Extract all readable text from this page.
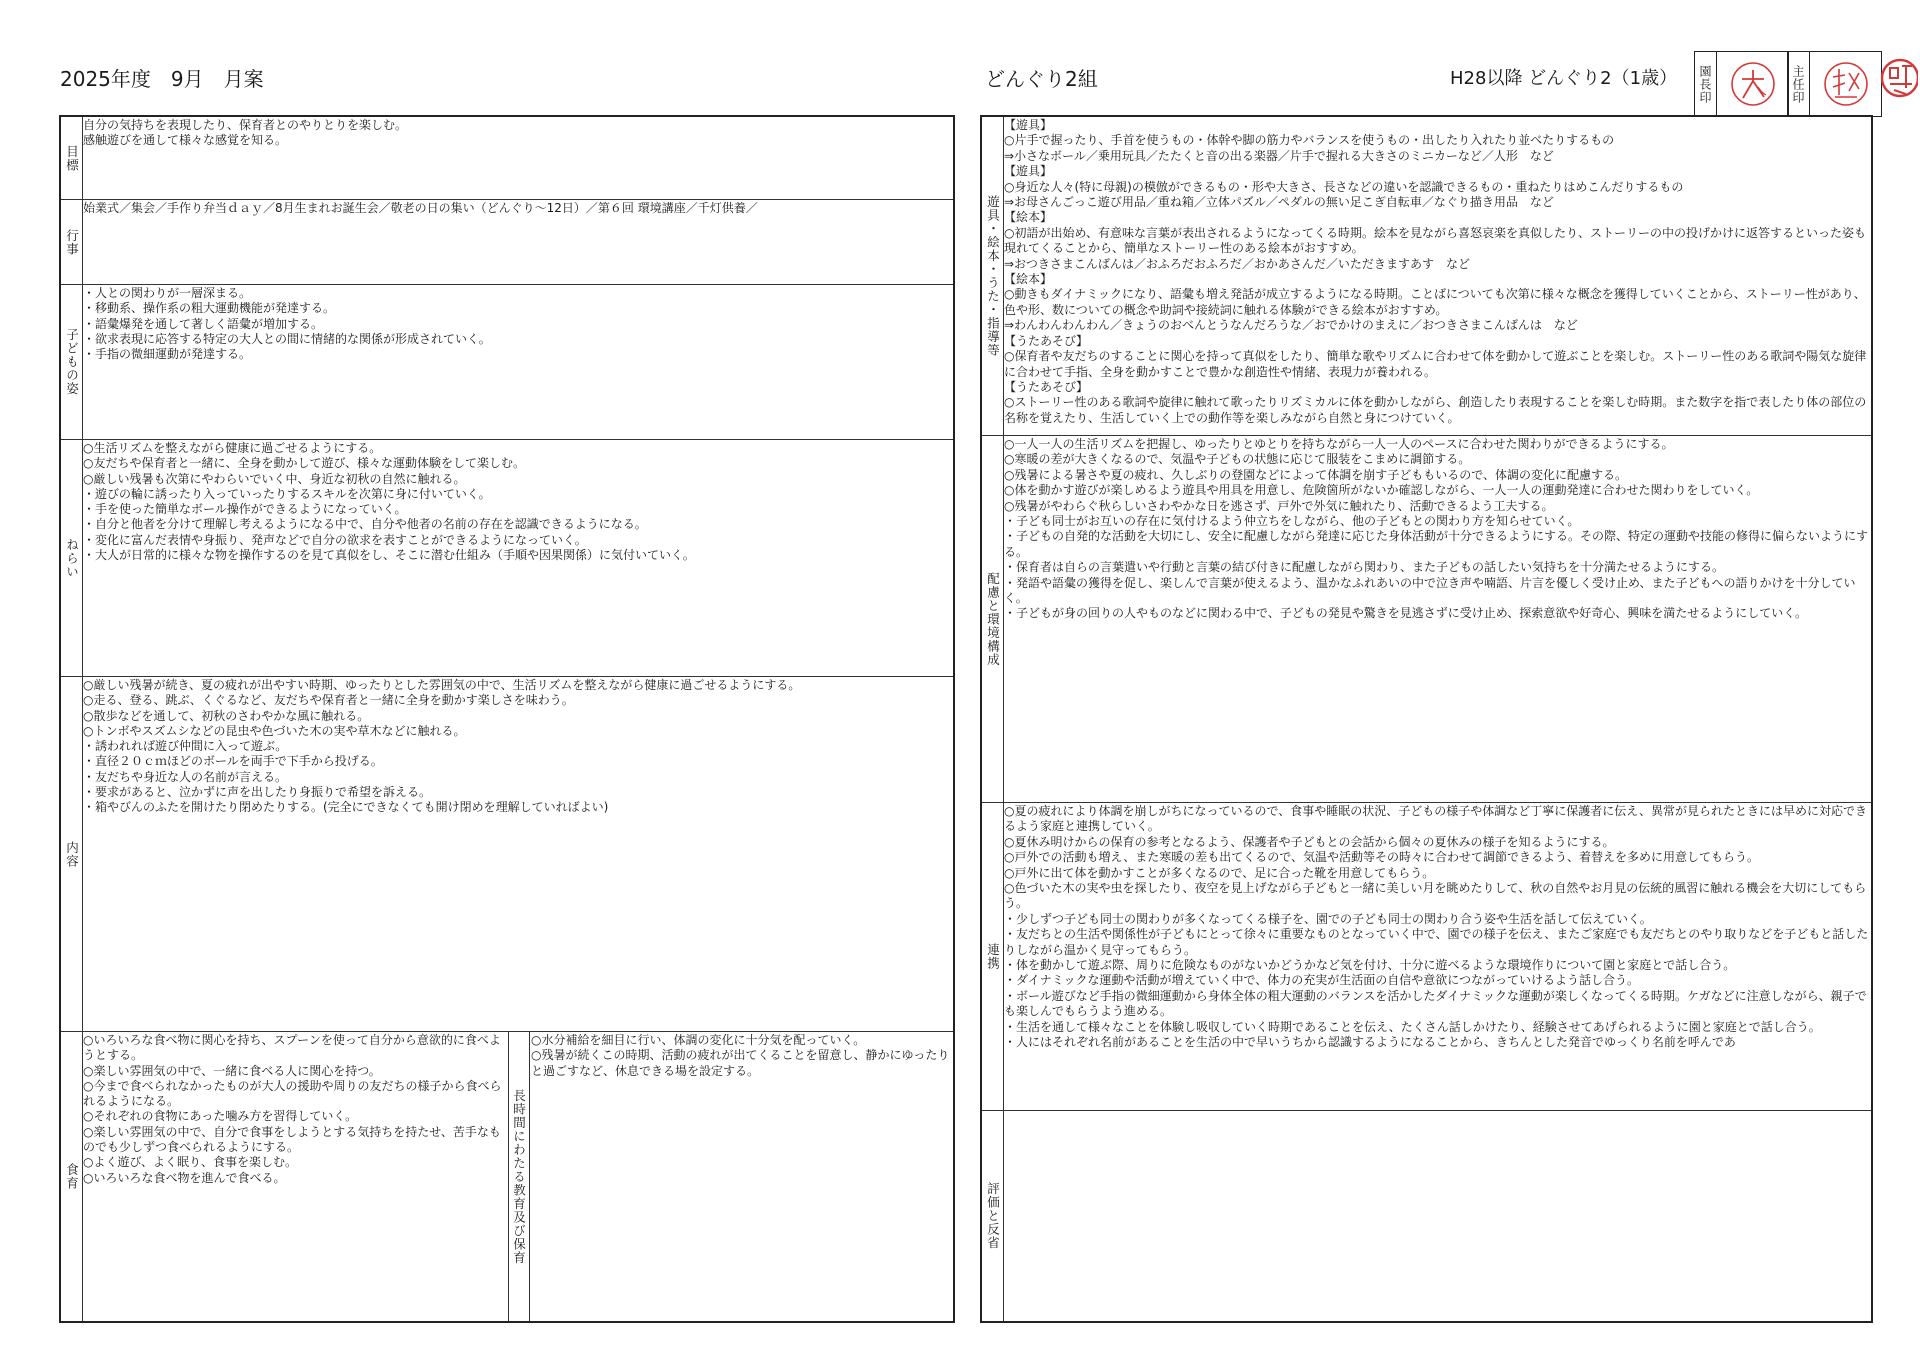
2025年度　9月　月案	どんぐり2組	H28以降 どんぐり2（1歳） 園長印	主任印
目標
自分の気持ちを表現したり、保育者とのやりとりを楽しむ。
感触遊びを通して様々な感覚を知る。
行事
始業式／集会／手作り弁当ｄａｙ／8月生まれお誕生会／敬老の日の集い（どんぐり〜12日）／第６回 環境講座／千灯供養／
子どもの姿
・人との関わりが一層深まる。
・移動系、操作系の粗大運動機能が発達する。
・語彙爆発を通して著しく語彙が増加する。
・欲求表現に応答する特定の大人との間に情緒的な関係が形成されていく。
・手指の微細運動が発達する。
ねらい
○生活リズムを整えながら健康に過ごせるようにする。
○友だちや保育者と一緒に、全身を動かして遊び、様々な運動体験をして楽しむ。
○厳しい残暑も次第にやわらいでいく中、身近な初秋の自然に触れる。
・遊びの輪に誘ったり入っていったりするスキルを次第に身に付いていく。
・手を使った簡単なボール操作ができるようになっていく。
・自分と他者を分けて理解し考えるようになる中で、自分や他者の名前の存在を認識できるようになる。
・変化に富んだ表情や身振り、発声などで自分の欲求を表すことができるようになっていく。
・大人が日常的に様々な物を操作するのを見て真似をし、そこに潜む仕組み（手順や因果関係）に気付いていく。
内容
○厳しい残暑が続き、夏の疲れが出やすい時期、ゆったりとした雰囲気の中で、生活リズムを整えながら健康に過ごせるようにする。
○走る、登る、跳ぶ、くぐるなど、友だちや保育者と一緒に全身を動かす楽しさを味わう。
○散歩などを通して、初秋のさわやかな風に触れる。
○トンボやスズムシなどの昆虫や色づいた木の実や草木などに触れる。
・誘われれば遊び仲間に入って遊ぶ。
・直径２０ｃｍほどのボールを両手で下手から投げる。
・友だちや身近な人の名前が言える。
・要求があると、泣かずに声を出したり身振りで希望を訴える。
・箱やびんのふたを開けたり閉めたりする。(完全にできなくても開け閉めを理解していればよい)
食育
○いろいろな食べ物に関心を持ち、スプーンを使って自分から意欲的に食べようとする。
○楽しい雰囲気の中で、一緒に食べる人に関心を持つ。
○今まで食べられなかったものが大人の援助や周りの友だちの様子から食べられるようになる。
○それぞれの食物にあった噛み方を習得していく。
○楽しい雰囲気の中で、自分で食事をしようとする気持ちを持たせ、苦手なものでも少しずつ食べられるようにする。
○よく遊び、よく眠り、食事を楽しむ。
○いろいろな食べ物を進んで食べる。	長時間にわたる教育及び保育
○水分補給を細目に行い、体調の変化に十分気を配っていく。
○残暑が続くこの時期、活動の疲れが出てくることを留意し、静かにゆったりと過ごすなど、休息できる場を設定する。
遊具・絵本・うた・指導等
【遊具】
○片手で握ったり、手首を使うもの・体幹や脚の筋力やバランスを使うもの・出したり入れたり並べたりするもの
⇒小さなボール／乗用玩具／たたくと音の出る楽器／片手で握れる大きさのミニカーなど／人形　など
【遊具】
○身近な人々(特に母親)の模倣ができるもの・形や大きさ、長さなどの違いを認識できるもの・重ねたりはめこんだりするもの
⇒お母さんごっこ遊び用品／重ね箱／立体パズル／ペダルの無い足こぎ自転車／なぐり描き用品　など
【絵本】
○初語が出始め、有意味な言葉が表出されるようになってくる時期。絵本を見ながら喜怒哀楽を真似したり、ストーリーの中の投げかけに返答するといった姿も現れてくることから、簡単なストーリー性のある絵本がおすすめ。
⇒おつきさまこんばんは／おふろだおふろだ／おかあさんだ／いただきますあす　など
【絵本】
○動きもダイナミックになり、語彙も増え発話が成立するようになる時期。ことばについても次第に様々な概念を獲得していくことから、ストーリー性があり、色や形、数についての概念や助詞や接続詞に触れる体験ができる絵本がおすすめ。
⇒わんわんわんわん／きょうのおべんとうなんだろうな／おでかけのまえに／おつきさまこんばんは　など
【うたあそび】
○保育者や友だちのすることに関心を持って真似をしたり、簡単な歌やリズムに合わせて体を動かして遊ぶことを楽しむ。ストーリー性のある歌詞や陽気な旋律に合わせて手指、全身を動かすことで豊かな創造性や情緒、表現力が養われる。
【うたあそび】
○ストーリー性のある歌詞や旋律に触れて歌ったりリズミカルに体を動かしながら、創造したり表現することを楽しむ時期。また数字を指で表したり体の部位の名称を覚えたり、生活していく上での動作等を楽しみながら自然と身につけていく。
配慮と環境構成
○一人一人の生活リズムを把握し、ゆったりとゆとりを持ちながら一人一人のペースに合わせた関わりができるようにする。
○寒暖の差が大きくなるので、気温や子どもの状態に応じて服装をこまめに調節する。
○残暑による暑さや夏の疲れ、久しぶりの登園などによって体調を崩す子どももいるので、体調の変化に配慮する。
○体を動かす遊びが楽しめるよう遊具や用具を用意し、危険箇所がないか確認しながら、一人一人の運動発達に合わせた関わりをしていく。
○残暑がやわらぐ秋らしいさわやかな日を逃さず、戸外で外気に触れたり、活動できるよう工夫する。
・子ども同士がお互いの存在に気付けるよう仲立ちをしながら、他の子どもとの関わり方を知らせていく。
・子どもの自発的な活動を大切にし、安全に配慮しながら発達に応じた身体活動が十分できるようにする。その際、特定の運動や技能の修得に偏らないようにする。
・保育者は自らの言葉遣いや行動と言葉の結び付きに配慮しながら関わり、また子どもの話したい気持ちを十分満たせるようにする。
・発語や語彙の獲得を促し、楽しんで言葉が使えるよう、温かなふれあいの中で泣き声や喃語、片言を優しく受け止め、また子どもへの語りかけを十分していく。
・子どもが身の回りの人やものなどに関わる中で、子どもの発見や驚きを見逃さずに受け止め、探索意欲や好奇心、興味を満たせるようにしていく。
連携
○夏の疲れにより体調を崩しがちになっているので、食事や睡眠の状況、子どもの様子や体調など丁寧に保護者に伝え、異常が見られたときには早めに対応できるよう家庭と連携していく。
○夏休み明けからの保育の参考となるよう、保護者や子どもとの会話から個々の夏休みの様子を知るようにする。
○戸外での活動も増え、また寒暖の差も出てくるので、気温や活動等その時々に合わせて調節できるよう、着替えを多めに用意してもらう。
○戸外に出て体を動かすことが多くなるので、足に合った靴を用意してもらう。
○色づいた木の実や虫を探したり、夜空を見上げながら子どもと一緒に美しい月を眺めたりして、秋の自然やお月見の伝統的風習に触れる機会を大切にしてもらう。
・少しずつ子ども同士の関わりが多くなってくる様子を、園での子ども同士の関わり合う姿や生活を話して伝えていく。
・友だちとの生活や関係性が子どもにとって徐々に重要なものとなっていく中で、園での様子を伝え、またご家庭でも友だちとのやり取りなどを子どもと話したりしながら温かく見守ってもらう。
・体を動かして遊ぶ際、周りに危険なものがないかどうかなど気を付け、十分に遊べるような環境作りについて園と家庭とで話し合う。
・ダイナミックな運動や活動が増えていく中で、体力の充実が生活面の自信や意欲につながっていけるよう話し合う。
・ボール遊びなど手指の微細運動から身体全体の粗大運動のバランスを活かしたダイナミックな運動が楽しくなってくる時期。ケガなどに注意しながら、親子でも楽しんでもらうよう進める。
・生活を通して様々なことを体験し吸収していく時期であることを伝え、たくさん話しかけたり、経験させてあげられるように園と家庭とで話し合う。
・人にはそれぞれ名前があることを生活の中で早いうちから認識するようになることから、きちんとした発音でゆっくり名前を呼んであ
評価と反省
